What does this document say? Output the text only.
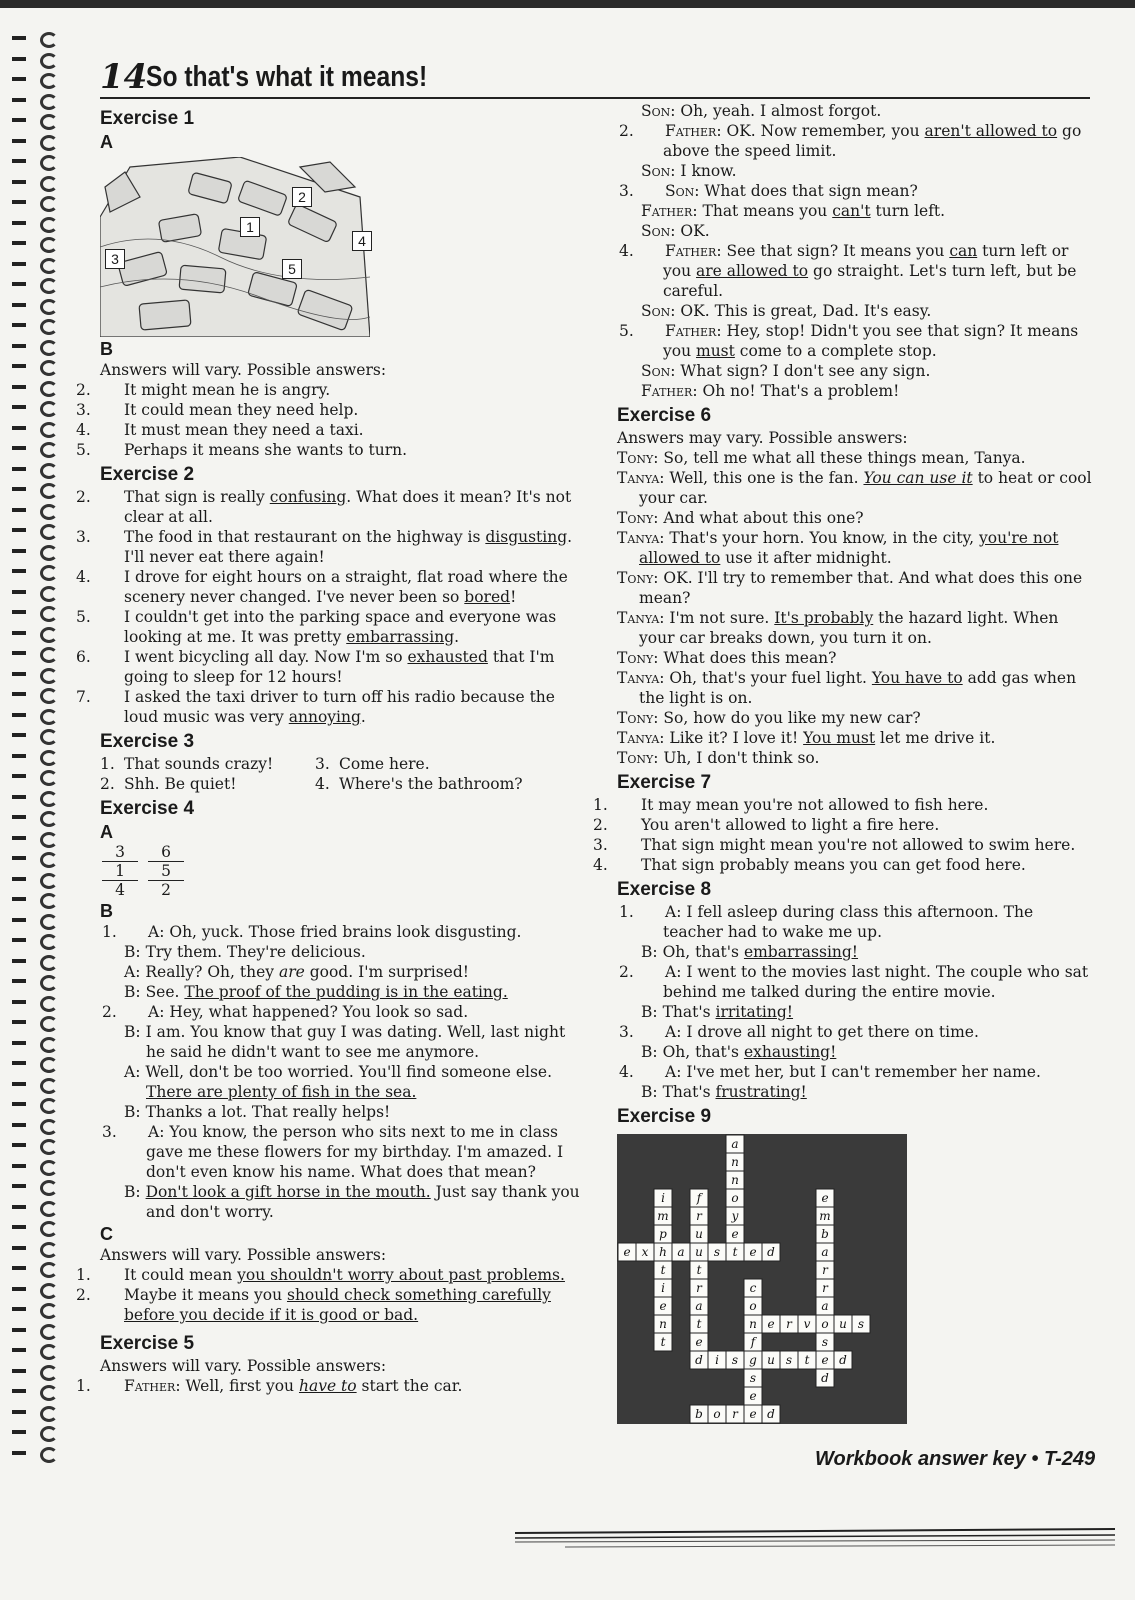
14
So that's what it means!
Exercise 1
A
1
2
3
4
5
B
Answers will vary. Possible answers:
2. It might mean he is angry.
3. It could mean they need help.
4. It must mean they need a taxi.
5. Perhaps it means she wants to turn.
Exercise 2
2. That sign is really confusing. What does it mean? It's not clear at all.
3. The food in that restaurant on the highway is disgusting. I'll never eat there again!
4. I drove for eight hours on a straight, flat road where the scenery never changed. I've never been so bored!
5. I couldn't get into the parking space and everyone was looking at me. It was pretty embarrassing.
6. I went bicycling all day. Now I'm so exhausted that I'm going to sleep for 12 hours!
7. I asked the taxi driver to turn off his radio because the loud music was very annoying.
Exercise 3
1. That sounds crazy!
2. Shh. Be quiet!
3. Come here.
4. Where's the bathroom?
Exercise 4
A
3
1
4
6
5
2
B
1. A: Oh, yuck. Those fried brains look disgusting.
B: Try them. They're delicious.
A: Really? Oh, they are good. I'm surprised!
B: See. The proof of the pudding is in the eating.
2. A: Hey, what happened? You look so sad.
B: I am. You know that guy I was dating. Well, last night he said he didn't want to see me anymore.
A: Well, don't be too worried. You'll find someone else. There are plenty of fish in the sea.
B: Thanks a lot. That really helps!
3. A: You know, the person who sits next to me in class gave me these flowers for my birthday. I'm amazed. I don't even know his name. What does that mean?
B: Don't look a gift horse in the mouth. Just say thank you and don't worry.
C
Answers will vary. Possible answers:
1. It could mean you shouldn't worry about past problems.
2. Maybe it means you should check something carefully before you decide if it is good or bad.
Exercise 5
Answers will vary. Possible answers:
1. Father: Well, first you have to start the car.
Son: Oh, yeah. I almost forgot.
2. Father: OK. Now remember, you aren't allowed to go above the speed limit.
Son: I know.
3. Son: What does that sign mean?
Father: That means you can't turn left.
Son: OK.
4. Father: See that sign? It means you can turn left or you are allowed to go straight. Let's turn left, but be careful.
Son: OK. This is great, Dad. It's easy.
5. Father: Hey, stop! Didn't you see that sign? It means you must come to a complete stop.
Son: What sign? I don't see any sign.
Father: Oh no! That's a problem!
Exercise 6
Answers may vary. Possible answers:
Tony: So, tell me what all these things mean, Tanya.
Tanya: Well, this one is the fan. You can use it to heat or cool your car.
Tony: And what about this one?
Tanya: That's your horn. You know, in the city, you're not allowed to use it after midnight.
Tony: OK. I'll try to remember that. And what does this one mean?
Tanya: I'm not sure. It's probably the hazard light. When your car breaks down, you turn it on.
Tony: What does this mean?
Tanya: Oh, that's your fuel light. You have to add gas when the light is on.
Tony: So, how do you like my new car?
Tanya: Like it? I love it! You must let me drive it.
Tony: Uh, I don't think so.
Exercise 7
1. It may mean you're not allowed to fish here.
2. You aren't allowed to light a fire here.
3. That sign might mean you're not allowed to swim here.
4. That sign probably means you can get food here.
Exercise 8
1. A: I fell asleep during class this afternoon. The teacher had to wake me up.
B: Oh, that's embarrassing!
2. A: I went to the movies last night. The couple who sat behind me talked during the entire movie.
B: That's irritating!
3. A: I drove all night to get there on time.
B: Oh, that's exhausting!
4. A: I've met her, but I can't remember her name.
B: That's frustrating!
Exercise 9
a
n
n
o
y
e
t
i
m
p
h
t
i
e
n
t
f
r
u
u
t
r
a
t
e
d
e
m
b
a
r
r
a
o
s
e
d
e x a s e d
c
o
n
f
g
s
e
e
e r v u s
i s u s t d
b o r d
Workbook answer key • T-249
